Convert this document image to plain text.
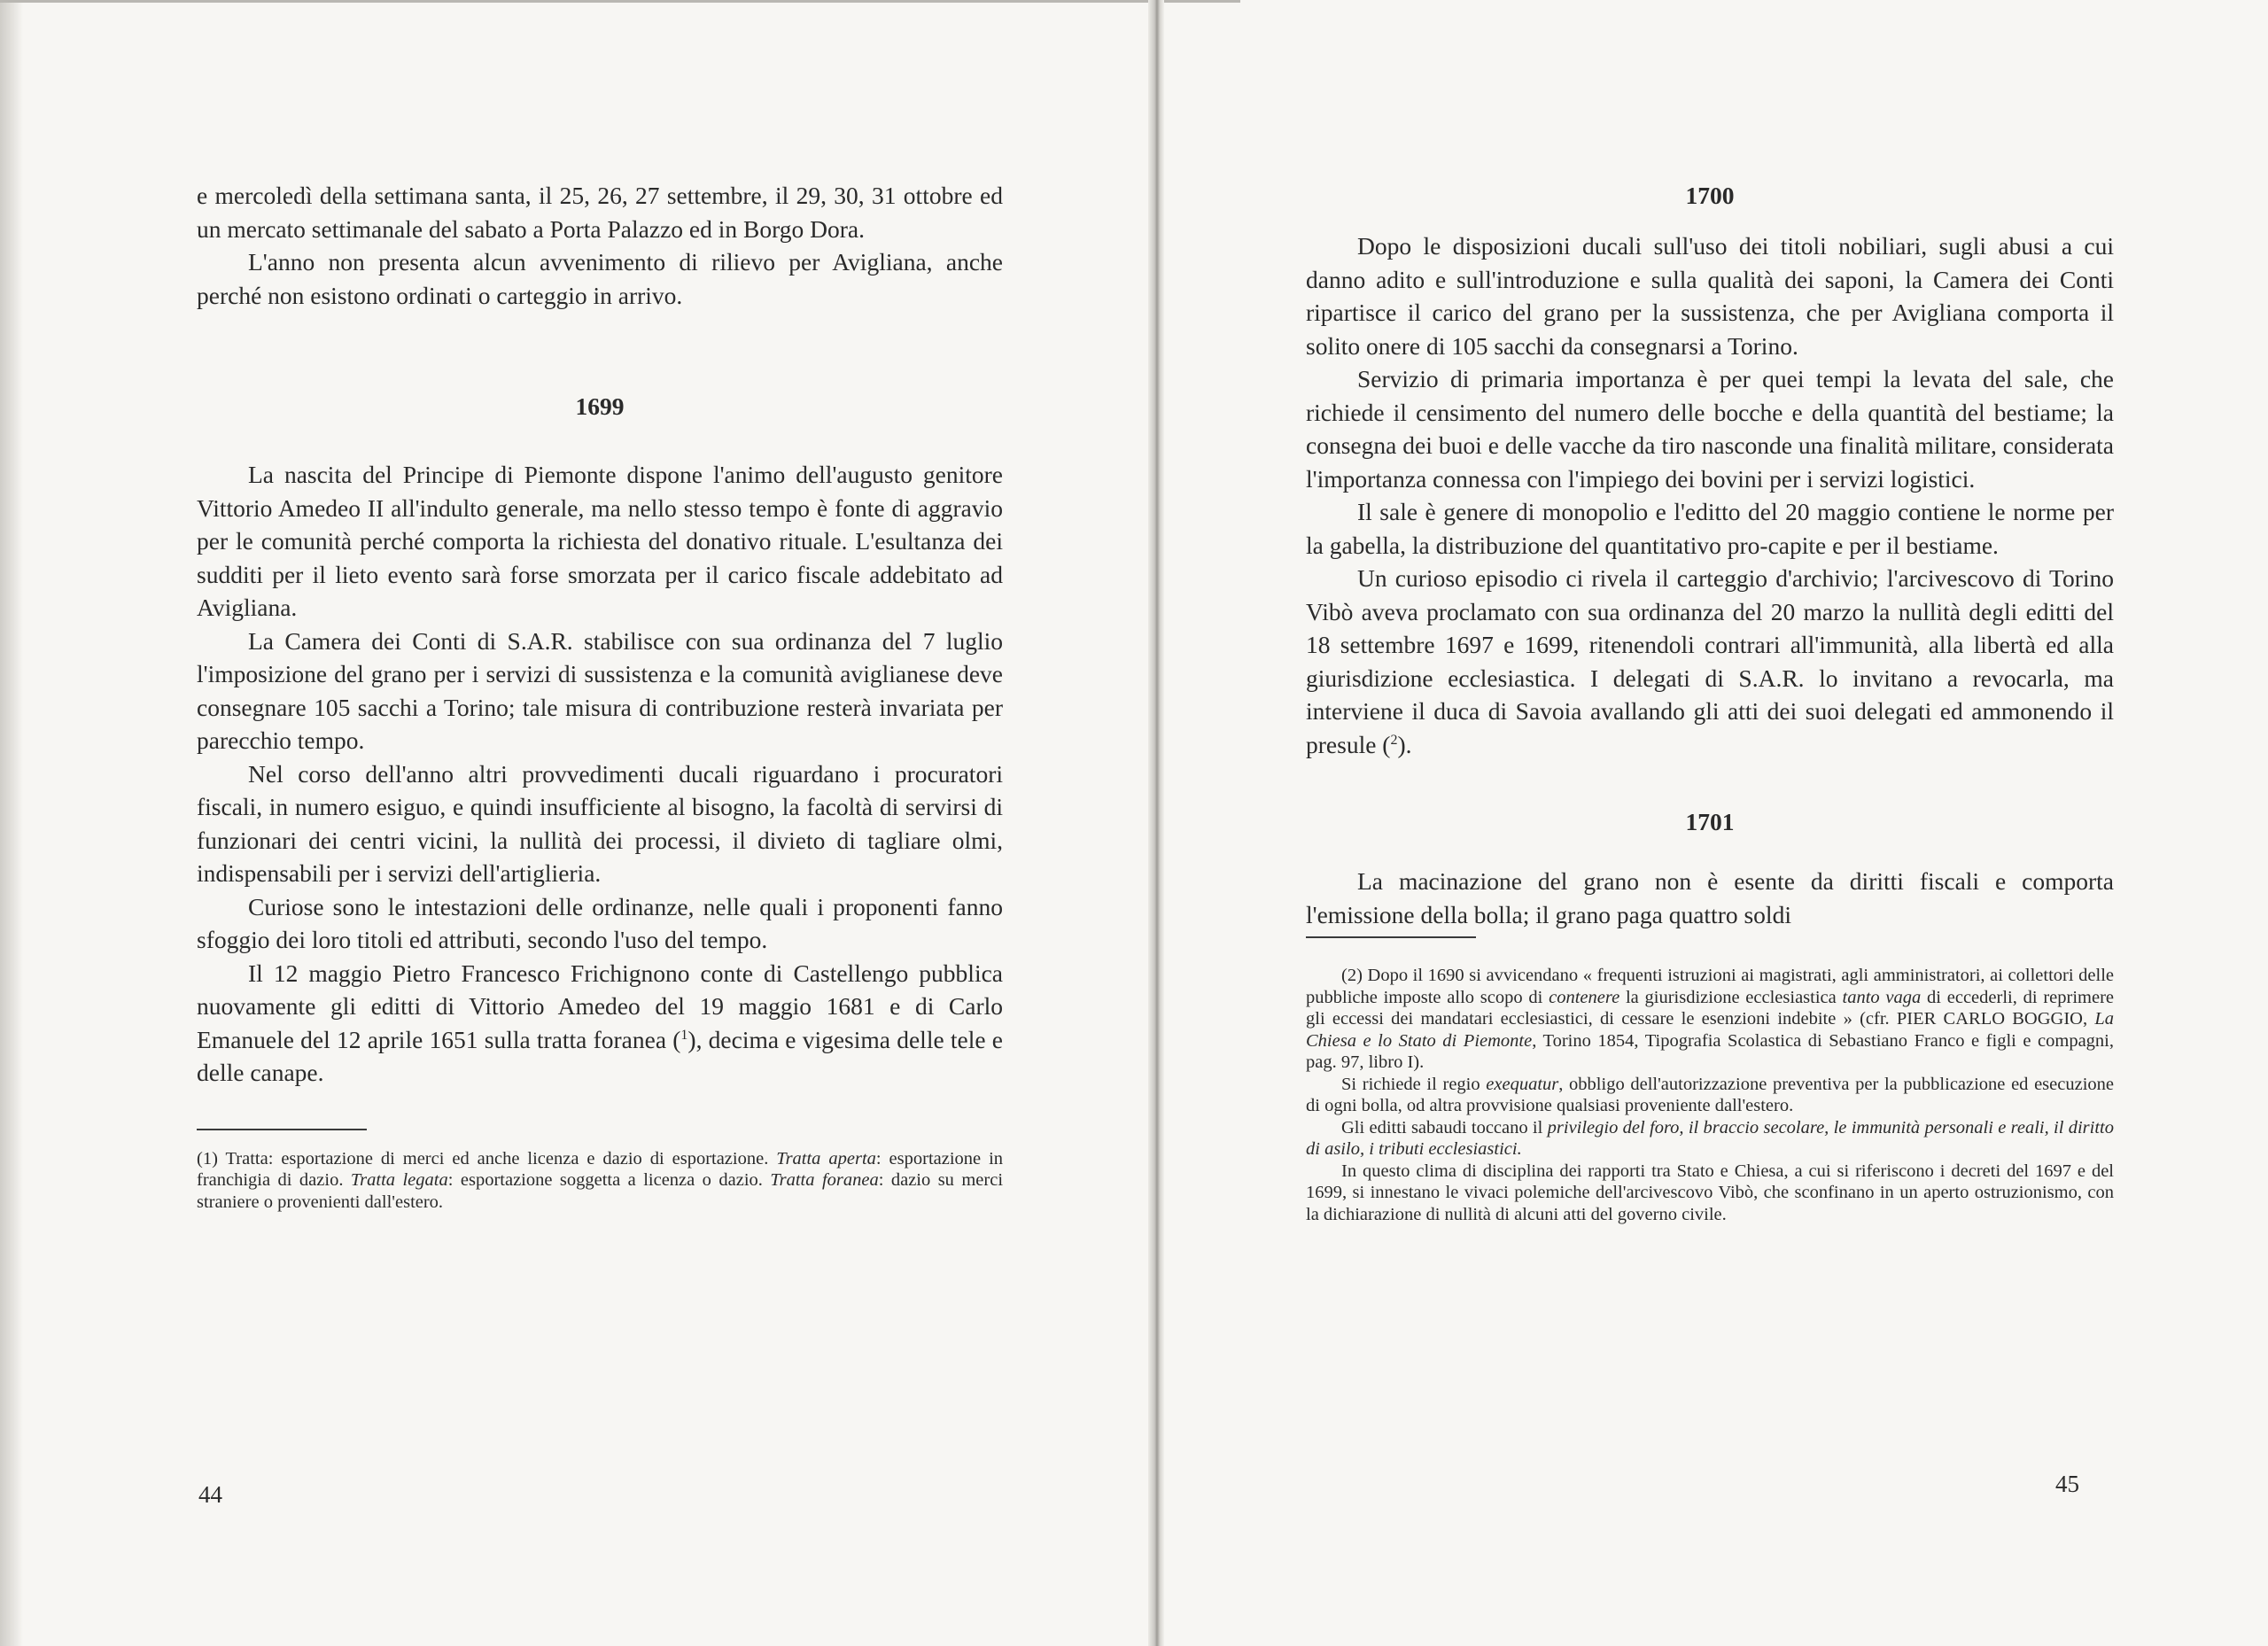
e mercoledì della settimana santa, il 25, 26, 27 settembre, il 29, 30, 31 ottobre ed un mercato settimanale del sabato a Porta Palazzo ed in Borgo Dora.

L'anno non presenta alcun avvenimento di rilievo per Avigliana, anche perché non esistono ordinati o carteggio in arrivo.

1699

La nascita del Principe di Piemonte dispone l'animo dell'augusto genitore Vittorio Amedeo II all'indulto generale, ma nello stesso tempo è fonte di aggravio per le comunità perché comporta la richiesta del donativo rituale. L'esultanza dei sudditi per il lieto evento sarà forse smorzata per il carico fiscale addebitato ad Avigliana.

La Camera dei Conti di S.A.R. stabilisce con sua ordinanza del 7 luglio l'imposizione del grano per i servizi di sussistenza e la comunità aviglianese deve consegnare 105 sacchi a Torino; tale misura di contribuzione resterà invariata per parecchio tempo.

Nel corso dell'anno altri provvedimenti ducali riguardano i procuratori fiscali, in numero esiguo, e quindi insufficiente al bisogno, la facoltà di servirsi di funzionari dei centri vicini, la nullità dei processi, il divieto di tagliare olmi, indispensabili per i servizi dell'artiglieria.

Curiose sono le intestazioni delle ordinanze, nelle quali i proponenti fanno sfoggio dei loro titoli ed attributi, secondo l'uso del tempo.

Il 12 maggio Pietro Francesco Frichignono conte di Castellengo pubblica nuovamente gli editti di Vittorio Amedeo del 19 maggio 1681 e di Carlo Emanuele del 12 aprile 1651 sulla tratta foranea ($^1$), decima e vigesima delle tele e delle canape.

(1) Tratta: esportazione di merci ed anche licenza e dazio di esportazione. Tratta aperta: esportazione in franchigia di dazio. Tratta legata: esportazione soggetta a licenza o dazio. Tratta foranea: dazio su merci straniere o provenienti dall'estero.

44

1700

Dopo le disposizioni ducali sull'uso dei titoli nobiliari, sugli abusi a cui danno adito e sull'introduzione e sulla qualità dei saponi, la Camera dei Conti ripartisce il carico del grano per la sussistenza, che per Avigliana comporta il solito onere di 105 sacchi da consegnarsi a Torino.

Servizio di primaria importanza è per quei tempi la levata del sale, che richiede il censimento del numero delle bocche e della quantità del bestiame; la consegna dei buoi e delle vacche da tiro nasconde una finalità militare, considerata l'importanza connessa con l'impiego dei bovini per i servizi logistici.

Il sale è genere di monopolio e l'editto del 20 maggio contiene le norme per la gabella, la distribuzione del quantitativo pro-capite e per il bestiame.

Un curioso episodio ci rivela il carteggio d'archivio; l'arcivescovo di Torino Vibò aveva proclamato con sua ordinanza del 20 marzo la nullità degli editti del 18 settembre 1697 e 1699, ritenendoli contrari all'immunità, alla libertà ed alla giurisdizione ecclesiastica. I delegati di S.A.R. lo invitano a revocarla, ma interviene il duca di Savoia avallando gli atti dei suoi delegati ed ammonendo il presule ($^2$).

1701

La macinazione del grano non è esente da diritti fiscali e comporta l'emissione della bolla; il grano paga quattro soldi

(2) Dopo il 1690 si avvicendano « frequenti istruzioni ai magistrati, agli amministratori, ai collettori delle pubbliche imposte allo scopo di contenere la giurisdizione ecclesiastica tanto vaga di eccederli, di reprimere gli eccessi dei mandatari ecclesiastici, di cessare le esenzioni indebite » (cfr. PIER CARLO BOGGIO, La Chiesa e lo Stato di Piemonte, Torino 1854, Tipografia Scolastica di Sebastiano Franco e figli e compagni, pag. 97, libro I).

Si richiede il regio exequatur, obbligo dell'autorizzazione preventiva per la pubblicazione ed esecuzione di ogni bolla, od altra provvisione qualsiasi proveniente dall'estero.

Gli editti sabaudi toccano il privilegio del foro, il braccio secolare, le immunità personali e reali, il diritto di asilo, i tributi ecclesiastici.

In questo clima di disciplina dei rapporti tra Stato e Chiesa, a cui si riferiscono i decreti del 1697 e del 1699, si innestano le vivaci polemiche dell'arcivescovo Vibò, che sconfinano in un aperto ostruzionismo, con la dichiarazione di nullità di alcuni atti del governo civile.

45
